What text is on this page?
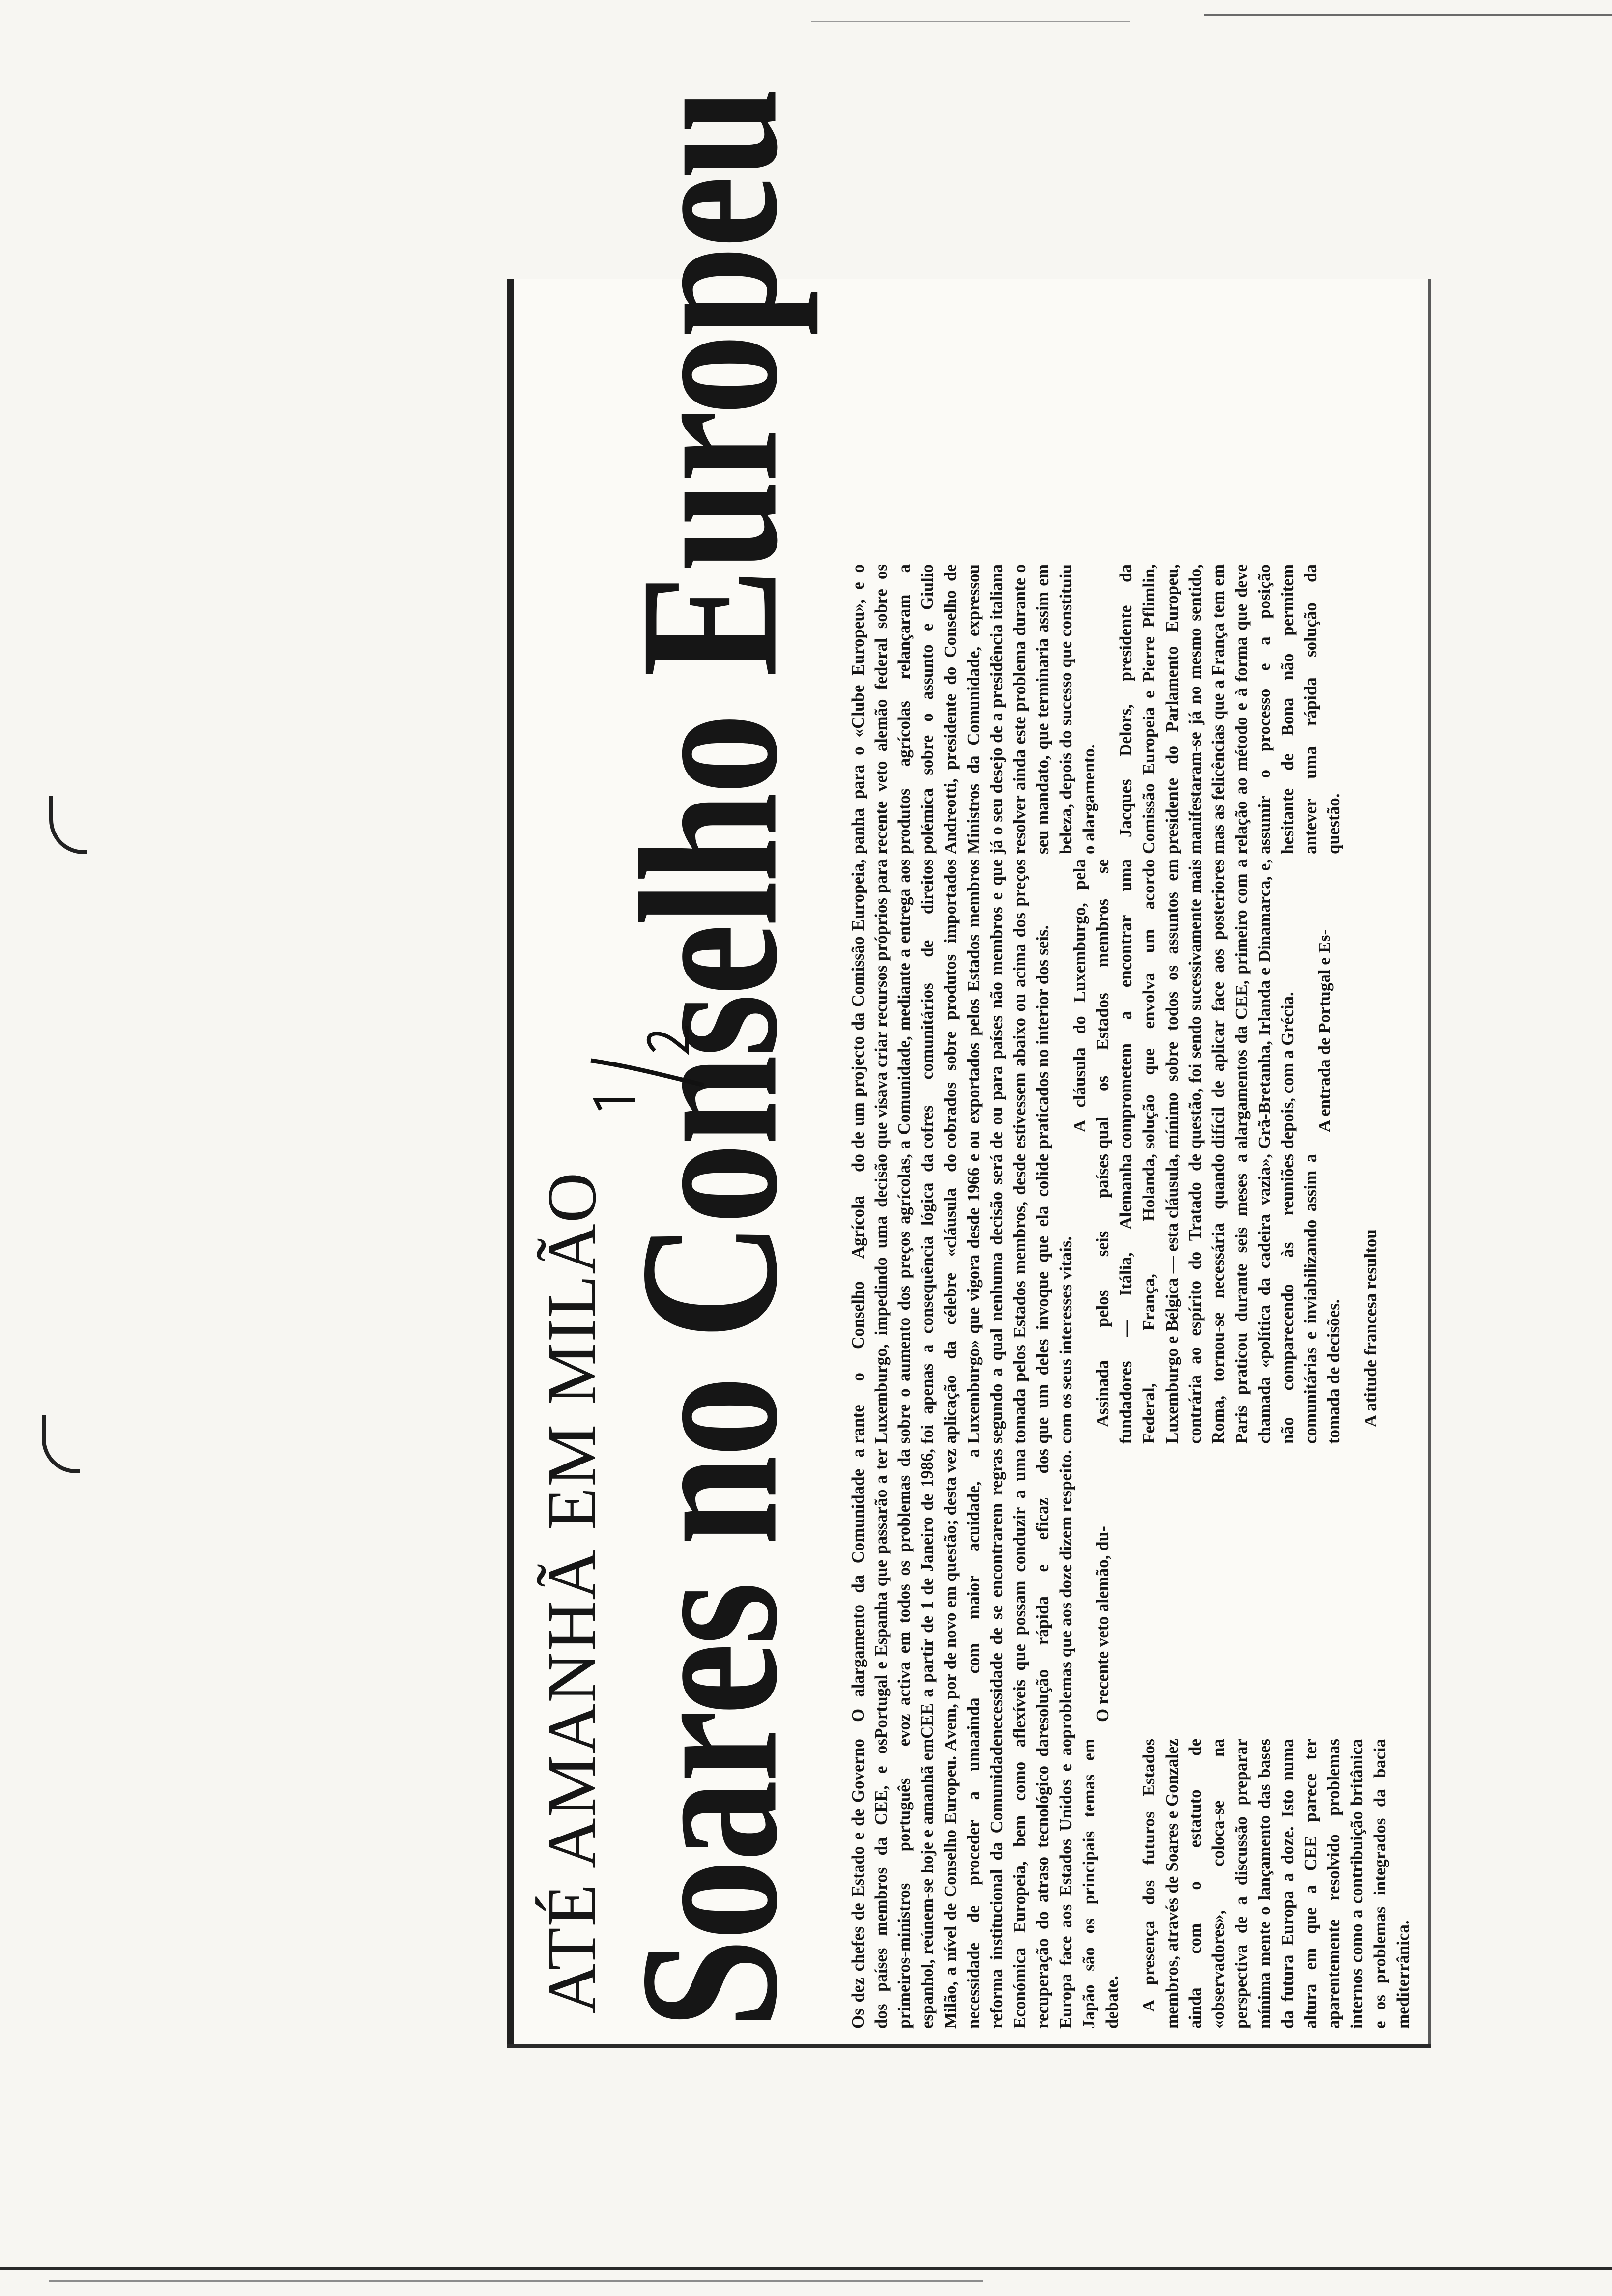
ATÉ AMANHÃ EM MILÃO
Soares no Conselho Europeu Os dez chefes de Estado e de Governo dos países membros da CEE, e os primeiros-ministros português e espanhol, reúnem-se hoje e amanhã em Milão, a nível de Conselho Europeu. A necessidade de proceder a uma reforma institucional da Comunidade Económica Europeia, bem como a recuperação do atraso tecnológico da Europa face aos Estados Unidos e ao Japão são os principais temas em debate. A presença dos futuros Estados membros, através de Soares e Gonzalez ainda com o estatuto de «observadores», coloca-se na perspectiva de a discussão preparar mínima mente o lançamento das bases da futura Europa a doze. Isto numa altura em que a CEE parece ter aparentemente resolvido problemas internos como a contribuição britânica e os problemas integrados da bacia mediterrânica.

O alargamento da Comunidade a Portugal e Espanha que passarão a ter voz activa em todos os problemas da CEE a partir de 1 de Janeiro de 1986, vem, por de novo em questão; desta vez ainda com maior acuidade, a necessidade de se encontrarem regras flexíveis que possam conduzir a uma resolução rápida e eficaz dos problemas que aos doze dizem respeito. O recente veto alemão, du-

rante o Conselho Agrícola do Luxemburgo, impedindo uma decisão sobre o aumento dos preços agrícolas, foi apenas a consequência lógica da aplicação da célebre «cláusula do Luxemburgo» que vigora desde 1966 e segundo a qual nenhuma decisão será tomada pelos Estados membros, desde que um deles invoque que ela colide com os seus interesses vitais. Assinada pelos seis países fundadores — Itália, Alemanha Federal, França, Holanda, Luxemburgo e Bélgica — esta cláusula, contrária ao espírito do Tratado de Roma, tornou-se necessária quando Paris praticou durante seis meses a chamada «política da cadeira vazia», não comparecendo às reuniões comunitárias e inviabilizando assim a tomada de decisões. A atitude francesa resultou

de um projecto da Comissão Europeia, que visava criar recursos próprios para a Comunidade, mediante a entrega aos cofres comunitários de direitos cobrados sobre produtos importados ou exportados pelos Estados membros de ou para países não membros e que estivessem abaixo ou acima dos preços praticados no interior dos seis. A cláusula do Luxemburgo, pela qual os Estados membros se comprometem a encontrar uma solução que envolva um acordo mínimo sobre todos os assuntos em questão, foi sendo sucessivamente mais difícil de aplicar face aos posteriores alargamentos da CEE, primeiro com a Grã-Bretanha, Irlanda e Dinamarca, e, depois, com a Grécia. A entrada de Portugal e Es-

panha para o «Clube Europeu», e o recente veto alemão federal sobre os produtos agrícolas relançaram a polémica sobre o assunto e Giulio Andreotti, presidente do Conselho de Ministros da Comunidade, expressou já o seu desejo de a presidência italiana resolver ainda este problema durante o seu mandato, que terminaria assim em beleza, depois do sucesso que constituiu o alargamento. Jacques Delors, presidente da Comissão Europeia e Pierre Pflimlin, presidente do Parlamento Europeu, manifestaram-se já no mesmo sentido, mas as felicências que a França tem em relação ao método e à forma que deve assumir o processo e a posição hesitante de Bona não permitem antever uma rápida solução da questão.
